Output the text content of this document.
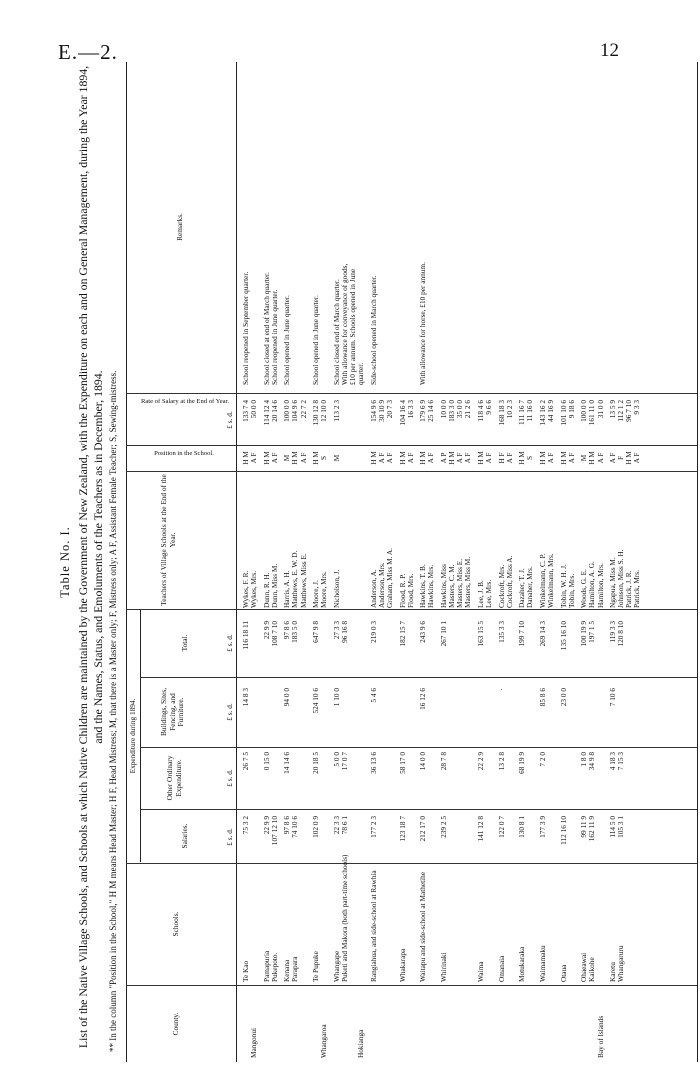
E.—2.	12
Table No. I. List of the Native Village Schools, and Schools at which Native Children are maintained by the Government of New Zealand, with the Expenditure on each and on General Management, during the Year 1894, and the Names, Status, and Emoluments of the Teachers as in December, 1894. ** In the column "Position in the School," H M means Head Master; H F, Head Mistress; M, that there is a Master only; F, Mistress only; A F, Assistant Female Teacher; S, Sewing-mistress.	County.
Schools.
Expenditure during 1894.
Salaries.
Other Ordinary Expenditure.
Buildings, Sites, Fencing, and Furniture.
Total.
Teachers of Village Schools at the End of the Year.
Position in the School.
Rate of Salary at the End of Year.
Remarks.
£ s. d.
£ s. d.
£ s. d.
£ s. d.
£ s. d.
Mangonui
Te Kao
75 3 2
26 7 5
14 8 3
116 18 11
Wykes, F. R. Wykes, Mrs.
H M A F
133 7 4 50 0 0
School reopened in September quarter.
Pamapuria Pukepoto.
22 9 9 107 12 10
0 15 0
22 9 9 108 7 10
Dunn, R. H. Dunn, Miss M.
H M A F
114 12 4 20 14 6
School closed at end of March quarter. School reopened in June quarter.
Kenana Parapara
97 8 6 74 10 6
14 14 6
94 0 0
97 8 6 183 5 0
Harris, A. H. Matthews, E. W. D. Matthews, Miss E.
M H M A F
100 0 0 104 9 6 22 7 2
School opened in June quarter.
Whangaroa
Te Pupuke
102 0 9
20 18 5
524 10 6
647 9 8
Moore, J. Moore, Mrs.
H M S
130 12 8 12 10 0
School opened in June quarter.
Hokianga
Whangape Puketi and Makora (both part-time schools)
22 3 3 78 6 1
5 0 0 17 0 7
1 10 0
27 3 3 96 16 8
Nicholson, J.
M
113 2 3
School closed end of March quarter. With allowance for conveyance of goods, £10 per annum. Schools opened in June quarter.
Rangiahua, and side-school at Rawhia
177 2 3
36 13 6
5 4 6
219 0 3
Anderson, A. Anderson, Mrs. Graham, Miss M. A.
H M A F A F
154 9 6 30 10 9 20 7 3
Side-school opened in March quarter.
Whakarapa
123 18 7
58 17 0
182 15 7
Flood, R. P. Flood, Mrs.
H M A F
104 16 4 16 3 3
Waitapu and side-school at Mathetihe
212 17 0
14 0 0
16 12 6
243 9 6
Hawkins, T. B. Hawkins, Mrs.
H M A F
179 6 9 25 14 6
With allowance for horse, £10 per annum.
Whirinaki
239 2 5
28 7 8
267 10 1
Hawkins, Miss Masters, C. M. Masters, Miss E. Masters, Miss M.
A P H M A F A F
10 0 0 183 3 0 35 0 0 21 2 6
Waima
141 12 8
22 2 9
163 15 5
Lee, J. B. Lee, Mrs.
H M A F
118 4 6 9 6 6
Omanaia
122 0 7
13 2 8
·
135 3 3
Cockroft, Mrs. Cockroft, Miss A.
H F A F
168 18 3 10 2 3
Motukaraka
130 8 1
68 19 9
199 7 10
Dazaher, T. J. Danaher, Mrs.
H M S
111 16 7 11 16 0
Waimamaku
177 3 9
7 2 0
85 8 6
269 14 3
Winkelmann, C. P. Winkelmann, Mrs.
H M A F
143 16 2 44 16 9
Otaua
112 16 10
23 0 0
135 16 10
Tobin, W. H. J. Tobin, Mrs.
H M A F
101 10 6 9 18 6
Bay of Islands
Ohaeawai Kaikohe
99 11 9 162 11 9
1 8 0 34 9 8
100 19 9 197 1 5
Woods, G. E. Hamilton, A. G. Hamilton, Mrs.
M H M A F
100 0 0 161 11 0 31 0 0
Karetu Whangaruru
114 5 0 105 3 1
4 18 3 7 15 3
7 10 6
119 3 3 120 8 10
Ngapua, Miss M. Johnson, Miss S. H. Patrick, J. R. Patrick, Mrs.
A F F H M A F
13 5 9 112 1 2 96 7 10 9 3 3
